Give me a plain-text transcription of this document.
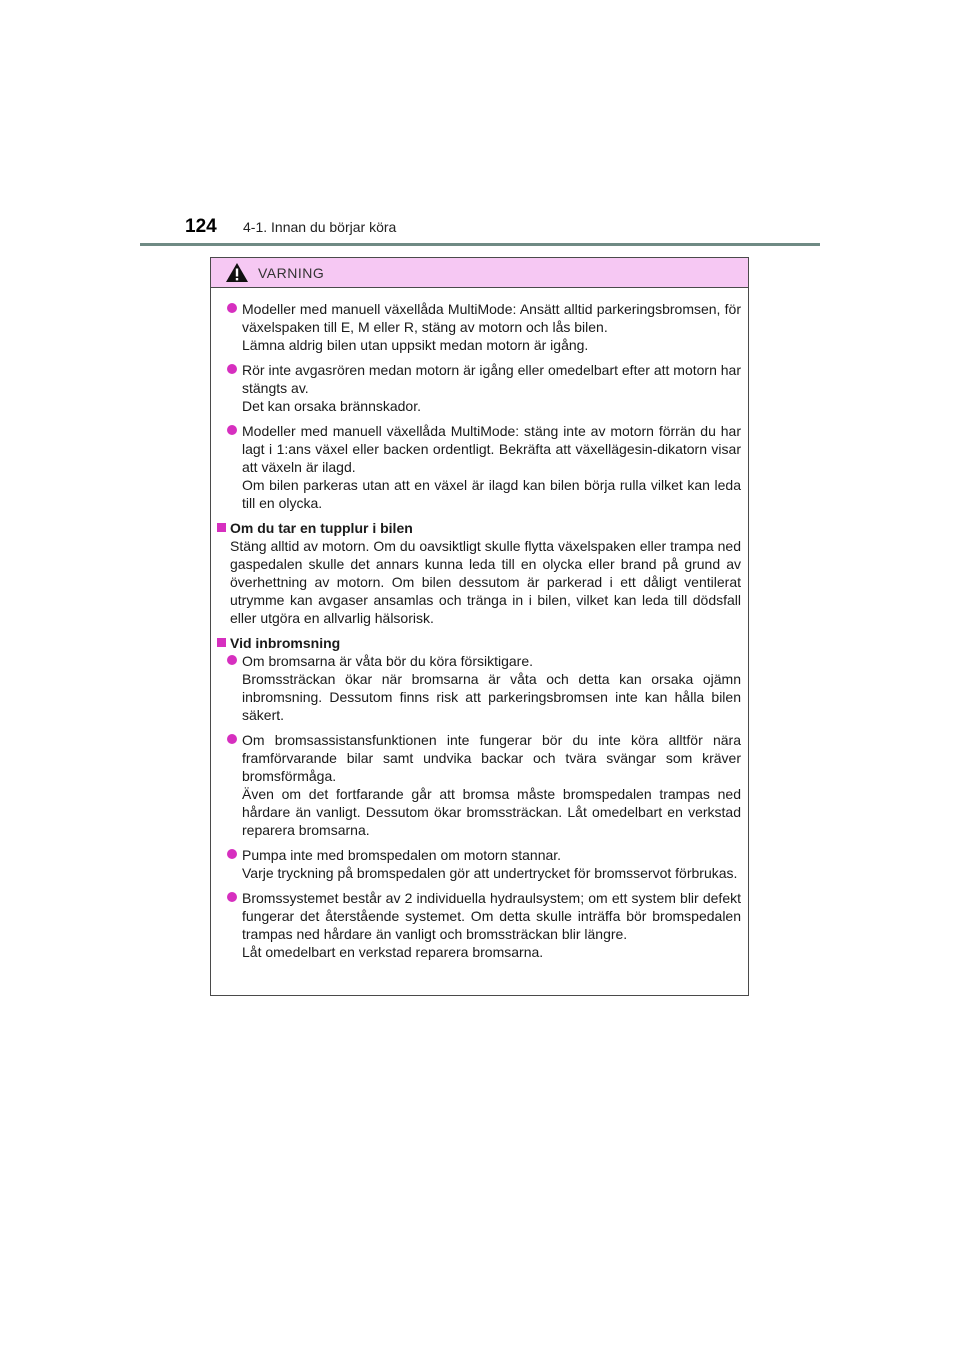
124	4-1. Innan du börjar köra
VARNING

Modeller med manuell växellåda MultiMode: Ansätt alltid parkeringsbromsen, för växelspaken till E, M eller R, stäng av motorn och lås bilen.

Lämna aldrig bilen utan uppsikt medan motorn är igång.

Rör inte avgasrören medan motorn är igång eller omedelbart efter att motorn har stängts av.

Det kan orsaka brännskador.

Modeller med manuell växellåda MultiMode: stäng inte av motorn förrän du har lagt i 1:ans växel eller backen ordentligt. Bekräfta att växellägesin-dikatorn visar att växeln är ilagd.

Om bilen parkeras utan att en växel är ilagd kan bilen börja rulla vilket kan leda till en olycka.

Om du tar en tupplur i bilen

Stäng alltid av motorn. Om du oavsiktligt skulle flytta växelspaken eller trampa ned gaspedalen skulle det annars kunna leda till en olycka eller brand på grund av överhettning av motorn. Om bilen dessutom är parkerad i ett dåligt ventilerat utrymme kan avgaser ansamlas och tränga in i bilen, vilket kan leda till dödsfall eller utgöra en allvarlig hälsorisk.

Vid inbromsning

Om bromsarna är våta bör du köra försiktigare.

Bromssträckan ökar när bromsarna är våta och detta kan orsaka ojämn inbromsning. Dessutom finns risk att parkeringsbromsen inte kan hålla bilen säkert.

Om bromsassistansfunktionen inte fungerar bör du inte köra alltför nära framförvarande bilar samt undvika backar och tvära svängar som kräver bromsförmåga.

Även om det fortfarande går att bromsa måste bromspedalen trampas ned hårdare än vanligt. Dessutom ökar bromssträckan. Låt omedelbart en verkstad reparera bromsarna.

Pumpa inte med bromspedalen om motorn stannar.

Varje tryckning på bromspedalen gör att undertrycket för bromsservot förbrukas.

Bromssystemet består av 2 individuella hydraulsystem; om ett system blir defekt fungerar det återstående systemet. Om detta skulle inträffa bör bromspedalen trampas ned hårdare än vanligt och bromssträckan blir längre.

Låt omedelbart en verkstad reparera bromsarna.
